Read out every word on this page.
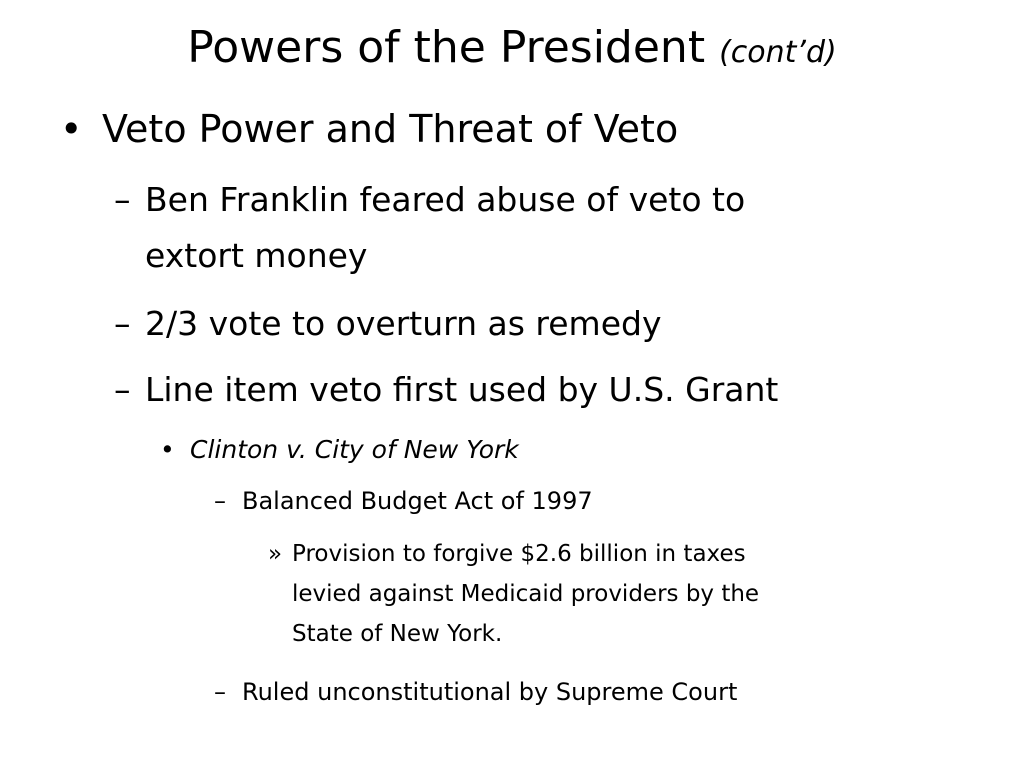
Powers of the President (cont’d)
• Veto Power and Threat of Veto
– Ben Franklin feared abuse of veto to
extort money
– 2/3 vote to overturn as remedy
– Line item veto first used by U.S. Grant
• Clinton v. City of New York
– Balanced Budget Act of 1997
» Provision to forgive $2.6 billion in taxes
levied against Medicaid providers by the
State of New York.
– Ruled unconstitutional by Supreme Court
